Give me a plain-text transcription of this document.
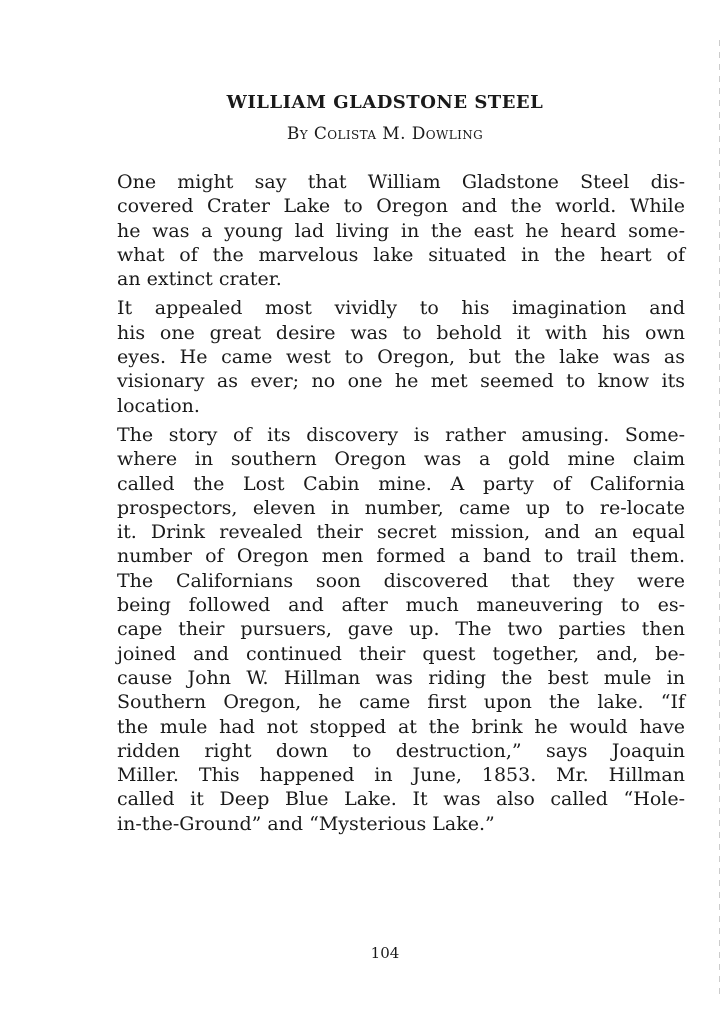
WILLIAM GLADSTONE STEEL
By Colista M. Dowling

One might say that William Gladstone Steel dis-
covered Crater Lake to Oregon and the world. While
he was a young lad living in the east he heard some-
what of the marvelous lake situated in the heart of
an extinct crater.

It appealed most vividly to his imagination and
his one great desire was to behold it with his own
eyes. He came west to Oregon, but the lake was as
visionary as ever; no one he met seemed to know its
location.

The story of its discovery is rather amusing. Some-
where in southern Oregon was a gold mine claim
called the Lost Cabin mine. A party of California
prospectors, eleven in number, came up to re-locate
it. Drink revealed their secret mission, and an equal
number of Oregon men formed a band to trail them.
The Californians soon discovered that they were
being followed and after much maneuvering to es-
cape their pursuers, gave up. The two parties then
joined and continued their quest together, and, be-
cause John W. Hillman was riding the best mule in
Southern Oregon, he came first upon the lake. “If
the mule had not stopped at the brink he would have
ridden right down to destruction,” says Joaquin
Miller. This happened in June, 1853. Mr. Hillman
called it Deep Blue Lake. It was also called “Hole-
in-the-Ground” and “Mysterious Lake.”

104
